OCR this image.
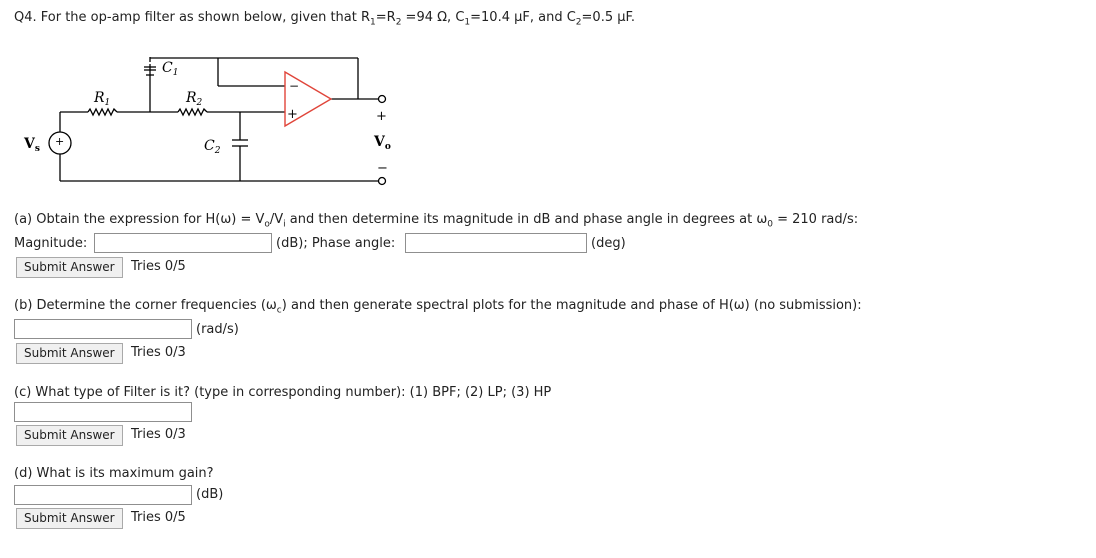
Q4. For the op-amp filter as shown below, given that $R_1=R_2 =94$ Ω, $C_1=10.4$ μF, and $C_2=0.5$ μF.
−
+
+
+
−
$C_1$
$R_1$	$R_2$
$C_2$
$V_s$	$V_o$
(a) Obtain the expression for $H(\omega) = V_o/V_i$ and then determine its magnitude in dB and phase angle in degrees at $\omega_0 = 210$ rad/s:
Magnitude:	(dB); Phase angle:	(deg)
Submit Answer	Tries 0/5
(b) Determine the corner frequencies $(\omega_c)$ and then generate spectral plots for the magnitude and phase of H(ω) (no submission):
(rad/s)
Submit Answer	Tries 0/3
(c) What type of Filter is it? (type in corresponding number): (1) BPF; (2) LP; (3) HP
Submit Answer	Tries 0/3
(d) What is its maximum gain?
(dB)
Submit Answer	Tries 0/5
